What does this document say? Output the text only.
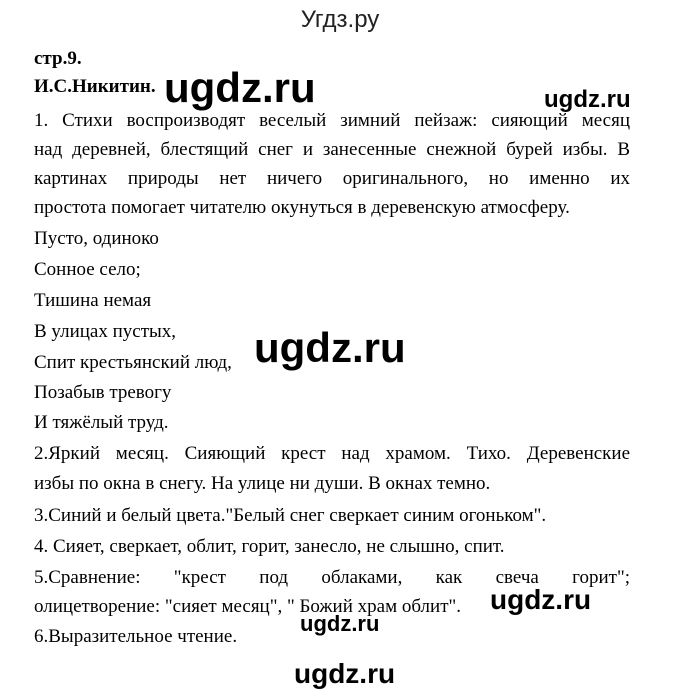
Угдз.ру
стр.9.
И.С.Никитин.
1. Стихи воспроизводят веселый зимний пейзаж: сияющий месяц
над деревней, блестящий снег и занесенные снежной бурей избы. В
картинах природы нет ничего оригинального, но именно их
простота помогает читателю окунуться в деревенскую атмосферу.
Пусто, одиноко
Сонное село;
Тишина немая
В улицах пустых,
Спит крестьянский люд,
Позабыв тревогу
И тяжёлый труд.
2.Яркий месяц. Сияющий крест над храмом. Тихо. Деревенские
избы по окна в снегу. На улице ни души. В окнах темно.
3.Синий и белый цвета."Белый снег сверкает синим огоньком".
4. Сияет, сверкает, облит, горит, занесло, не слышно, спит.
5.Сравнение: "крест под облаками, как свеча горит";
олицетворение: "сияет месяц", " Божий храм облит".
6.Выразительное чтение.
ugdz.ru	ugdz.ru
ugdz.ru
ugdz.ru
ugdz.ru
ugdz.ru
